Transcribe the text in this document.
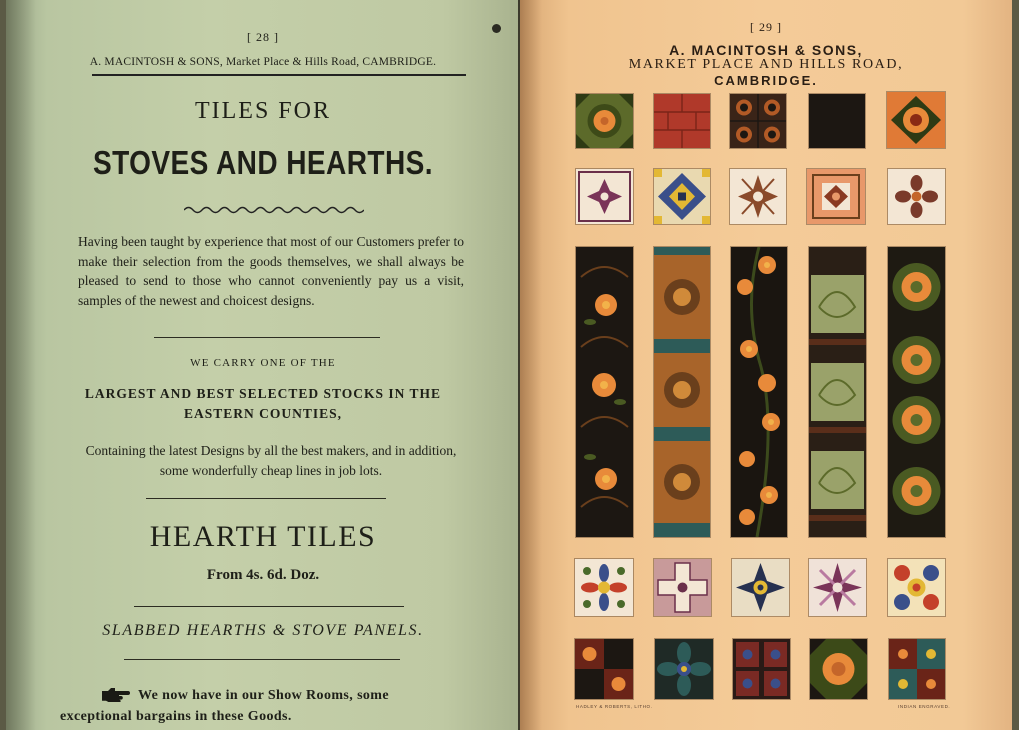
[ 28 ]
A. MACINTOSH & SONS, Market Place & Hills Road, CAMBRIDGE.
TILES FOR
STOVES AND HEARTHS.
Having been taught by experience that most of our Customers prefer to make their selection from the goods themselves, we shall always be pleased to send to those who cannot conveniently pay us a visit, samples of the newest and choicest designs.
WE CARRY ONE OF THE
LARGEST AND BEST SELECTED STOCKS IN THE
EASTERN COUNTIES,
Containing the latest Designs by all the best makers, and in addition, some wonderfully cheap lines in job lots.
HEARTH TILES
From 4s. 6d. Doz.
SLABBED HEARTHS & STOVE PANELS.
We now have in our Show Rooms, some
exceptional bargains in these Goods.
[ 29 ]
A. MACINTOSH & SONS,
MARKET PLACE AND HILLS ROAD,
CAMBRIDGE.
HADLEY & ROBERTS, LITHO.	INDIAN ENGRAVED.
